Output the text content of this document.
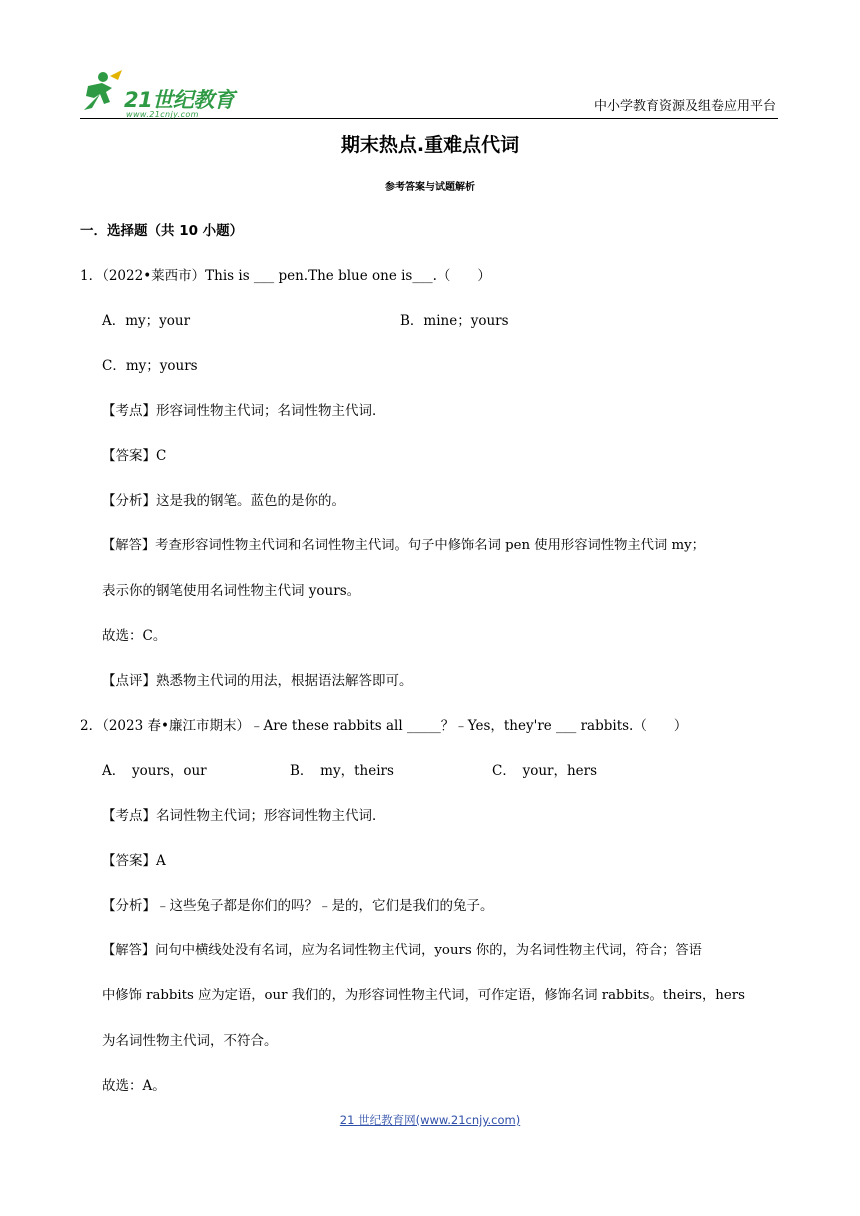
21世纪教育
www.21cnjy.com
中小学教育资源及组卷应用平台
期末热点.重难点代词
参考答案与试题解析
一．选择题（共 10 小题）
1．（2022•莱西市）This is ___ pen.The blue one is___.（　　）
A．my；your	B．mine；yours
C．my；yours
【考点】形容词性物主代词；名词性物主代词．
【答案】C
【分析】这是我的钢笔。蓝色的是你的。
【解答】考查形容词性物主代词和名词性物主代词。句子中修饰名词 pen 使用形容词性物主代词 my；
表示你的钢笔使用名词性物主代词 yours。
故选：C。
【点评】熟悉物主代词的用法，根据语法解答即可。
2．（2023 春•廉江市期末）﹣Are these rabbits all _____？﹣Yes，they're ___ rabbits.（　　）
A．　yours，our	B．　my，theirs	C．　your，hers
【考点】名词性物主代词；形容词性物主代词．
【答案】A
【分析】﹣这些兔子都是你们的吗？﹣是的，它们是我们的兔子。
【解答】问句中横线处没有名词，应为名词性物主代词，yours 你的，为名词性物主代词，符合；答语
中修饰 rabbits 应为定语，our 我们的，为形容词性物主代词，可作定语，修饰名词 rabbits。theirs，hers
为名词性物主代词，不符合。
故选：A。
21 世纪教育网(www.21cnjy.com)
